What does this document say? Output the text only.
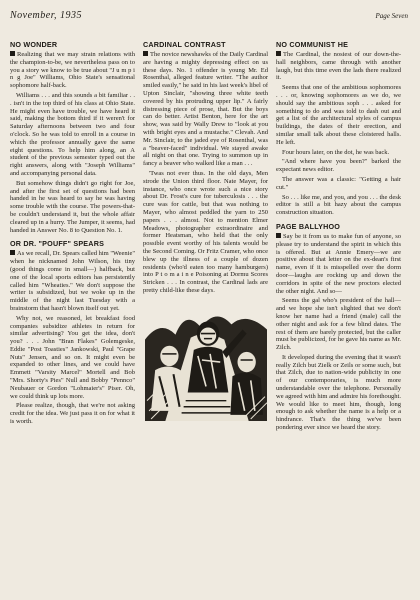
November, 1935	Page Seven
NO WONDER

Realizing that we may strain relations with the champion-to-be, we nevertheless pass on to you a story we know to be true about "J u m p i n g Joe" Williams, Ohio State's sensational sophomore half-back.

Williams . . . and this sounds a bit familiar . . . isn't in the top third of his class at Ohio State. He might even have trouble, we have heard it said, making the bottom third if it weren't for Saturday afternoons between two and four o'clock. So he was told to enroll in a course in which the professor annually gave the same eight questions. To help him along, an A student of the previous semester typed out the right answers, along with "Joseph Williams" and accompanying personal data.

But somehow things didn't go right for Joe, and after the first set of questions had been handed in he was heard to say he was having some trouble with the course. The powers-that-be couldn't understand it, but the whole affair cleared up in a hurry. The Jumper, it seems, had handed in Answer No. 8 to Question No. 1.

OR DR. "POUFF" SPEARS

As we recall, Dr. Spears called him "Weenie" when he nicknamed John Wilson, his tiny (good things come in small—) halfback, but one of the local sports editors has persistently called him "Wheaties." We don't suppose the writer is subsidized, but we woke up in the middle of the night last Tuesday with a brainstorm that hasn't blown itself out yet.

Why not, we reasoned, let breakfast food companies subsidize athletes in return for similar advertising? You get the idea, don't you? . . . John "Bran Flakes" Golemgeske, Eddie "Post Toasties" Jankowski, Paul "Grape Nuts" Jensen, and so on. It might even be expanded to other lines, and we could have Emmett "Varsity Marcel" Mortell and Bob "Mrs. Shorty's Pies" Null and Bobby "Pennco" Neubauer or Gordon "Lohmaier's" Piser. Oh, we could think up lots more.

Please realize, though, that we're not asking credit for the idea. We just pass it on for what it is worth.

CARDINAL CONTRAST

The novice newshawks of the Daily Cardinal are having a mighty depressing effect on us these days. No. 1 offender is young Mr. Ed Rosenthal, alleged feature writer. "The author smiled easily," he said in his last week's libel of Upton Sinclair, "showing three white teeth covered by his protruding upper lip." A fairly distressing piece of prose, that. But the boys can do better. Artist Benton, here for the art show, was said by Wally Drew to "look at you with bright eyes and a mustache." Clevah. And Mr. Sinclair, to the jaded eye of Rosenthal, was a "beaver-faced" individual. We stayed awake all night on that one. Trying to summon up in fancy a beaver who walked like a man . . .

'Twas not ever thus. In the old days, Men strode the Union third floor. Nate Mayer, for instance, who once wrote such a nice story about Dr. Frost's cure for tuberculosis . . . the cure was for cattle, but that was nothing to Mayer, who almost peddled the yarn to 250 papers . . . almost. Not to mention Elmer Meadows, photographer extraordinaire and former Heatsman, who held that the only possible event worthy of his talents would be the Second Coming. Or Fritz Cramer, who once blew up the illness of a couple of dozen residents (who'd eaten too many hamburgers) into P t o m a i n e Poisoning at Dormu Scores Stricken . . . In contrast, the Cardinal lads are pretty child-like these days.

NO COMMUNIST HE

The Cardinal, the nosiest of our down-the-hall neighbors, came through with another laugh, but this time even the lads there realized it.

Seems that one of the ambitious sophomores . . . or, knowing sophomores as we do, we should say the ambitious soph . . . asked for something to do and was told to dash out and get a list of the architectural styles of campus buildings, the dates of their erection, and similar small talk about these cloistered halls. He left.

Four hours later, on the dot, he was back.

"And where have you been?" barked the expectant news editor.

The answer was a classic: "Getting a hair cut."

So . . . like me, and you, and you . . . the desk editor is still a bit hazy about the campus construction situation.

PAGE BALLYHOO

Say be it from us to make fun of anyone, so please try to understand the spirit in which this is offered. But at Annie Emery—we are positive about that letter on the ex-dean's first name, even if it is misspelled over the dorm door—laughs are rocking up and down the corridors in spite of the new proctors elected the other night. And so—

Seems the gal who's president of the hall—and we hope she isn't slighted that we don't know her name had a friend (male) call the other night and ask for a few blind dates. The rest of them are barely protected, but the caller must be publicized, for he gave his name as Mr. Zilch.

It developed during the evening that it wasn't really Zilch but Zielk or Zeils or some such, but that Zilch, due to nation-wide publicity in one of our contemporaries, is much more understandable over the telephone. Personally we agreed with him and admire his forethought. We would like to meet him, though, long enough to ask whether the name is a help or a hindrance. That's the thing we've been pondering ever since we heard the story.
